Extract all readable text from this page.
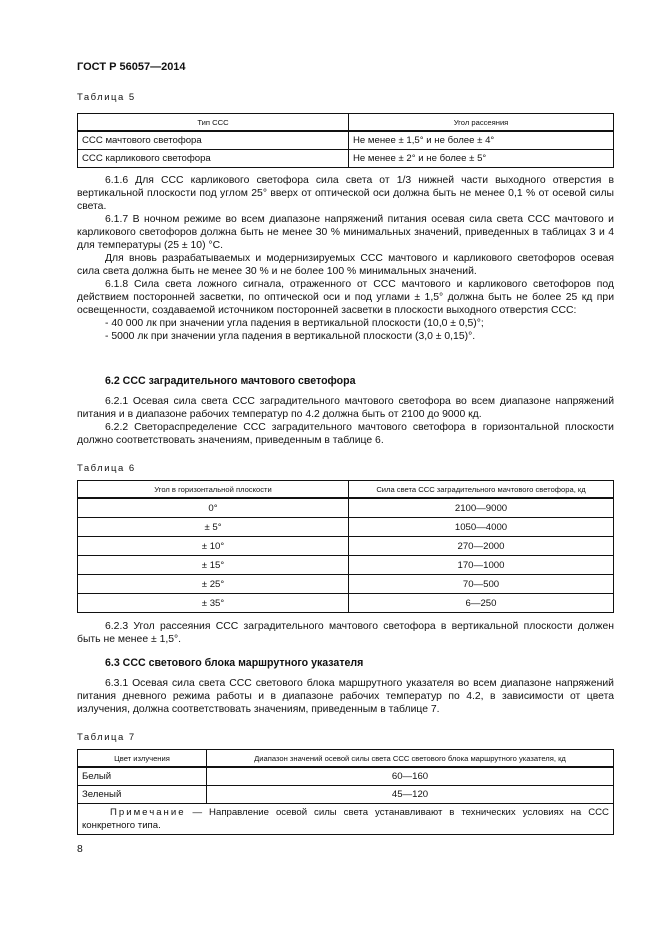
ГОСТ Р 56057—2014
Таблица 5
Тип ССС	Угол рассеяния
ССС мачтового светофора	Не менее ± 1,5° и не более ± 4°
ССС карликового светофора	Не менее ± 2° и не более ± 5°

6.1.6 Для ССС карликового светофора сила света от 1/3 нижней части выходного отверстия в вертикальной плоскости под углом 25° вверх от оптической оси должна быть не менее 0,1 % от осевой силы света.

6.1.7 В ночном режиме во всем диапазоне напряжений питания осевая сила света ССС мачтового и карликового светофоров должна быть не менее 30 % минимальных значений, приведенных в таблицах 3 и 4 для температуры (25 ± 10) °С.

Для вновь разрабатываемых и модернизируемых ССС мачтового и карликового светофоров осевая сила света должна быть не менее 30 % и не более 100 % минимальных значений.

6.1.8 Сила света ложного сигнала, отраженного от ССС мачтового и карликового светофоров под действием посторонней засветки, по оптической оси и под углами ± 1,5° должна быть не более 25 кд при освещенности, создаваемой источником посторонней засветки в плоскости выходного отверстия ССС:

- 40 000 лк при значении угла падения в вертикальной плоскости (10,0 ± 0,5)°;

- 5000 лк при значении угла падения в вертикальной плоскости (3,0 ± 0,15)°.

6.2 ССС заградительного мачтового светофора

6.2.1 Осевая сила света ССС заградительного мачтового светофора во всем диапазоне напряжений питания и в диапазоне рабочих температур по 4.2 должна быть от 2100 до 9000 кд.

6.2.2 Светораспределение ССС заградительного мачтового светофора в горизонтальной плоскости должно соответствовать значениям, приведенным в таблице 6.

Таблица 6
Угол в горизонтальной плоскости	Сила света ССС заградительного мачтового светофора, кд
0°	2100—9000
± 5°	1050—4000
± 10°	270—2000
± 15°	170—1000
± 25°	70—500
± 35°	6—250

6.2.3 Угол рассеяния ССС заградительного мачтового светофора в вертикальной плоскости должен быть не менее ± 1,5°.

6.3 ССС светового блока маршрутного указателя

6.3.1 Осевая сила света ССС светового блока маршрутного указателя во всем диапазоне напряжений питания дневного режима работы и в диапазоне рабочих температур по 4.2, в зависимости от цвета излучения, должна соответствовать значениям, приведенным в таблице 7.

Таблица 7
Цвет излучения	Диапазон значений осевой силы света ССС светового блока маршрутного указателя, кд
Белый	60—160
Зеленый	45—120
Примечание — Направление осевой силы света устанавливают в технических условиях на ССС конкретного типа.	
8
